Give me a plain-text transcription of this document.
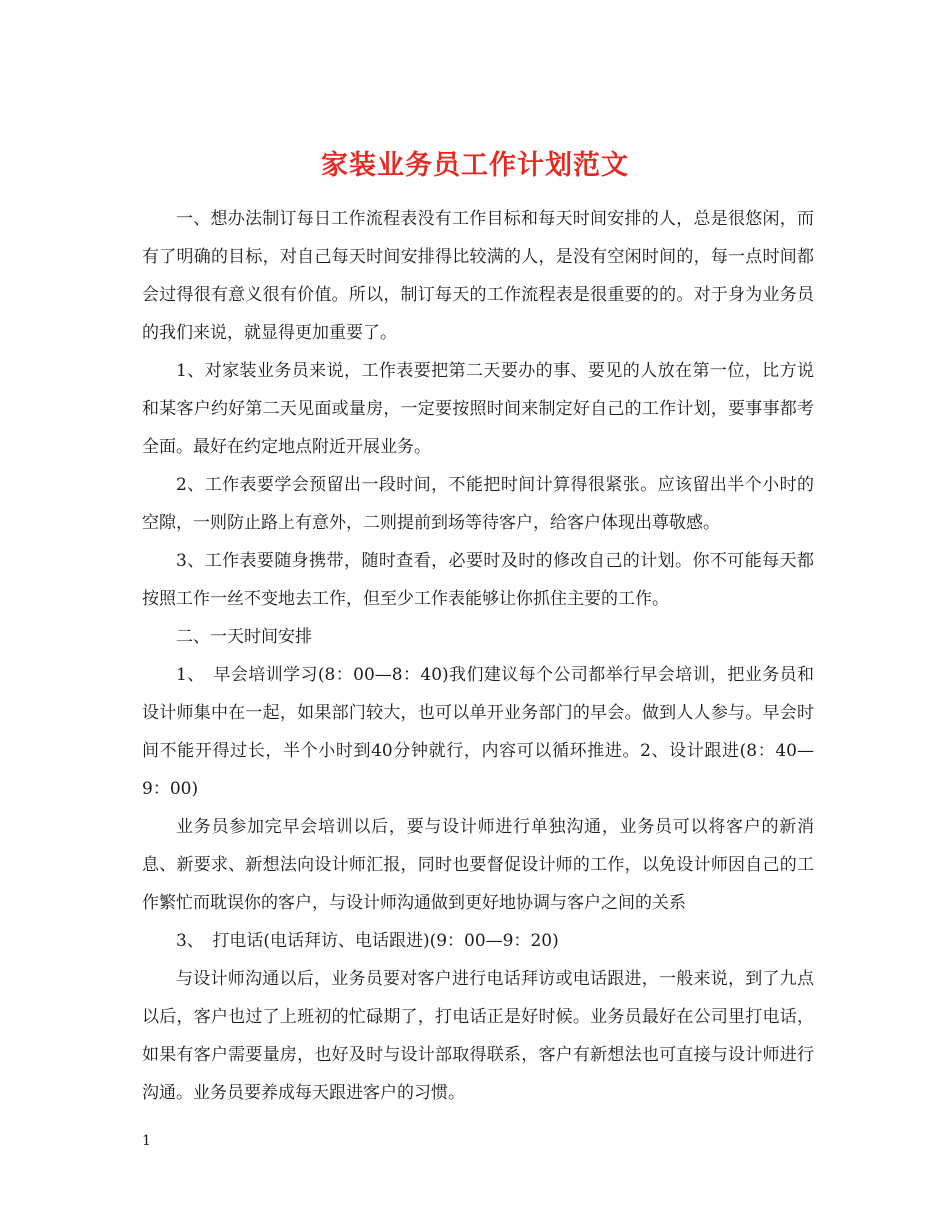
家装业务员工作计划范文

一、想办法制订每日工作流程表没有工作目标和每天时间安排的人，总是很悠闲，而有了明确的目标，对自己每天时间安排得比较满的人，是没有空闲时间的，每一点时间都会过得很有意义很有价值。所以，制订每天的工作流程表是很重要的的。对于身为业务员的我们来说，就显得更加重要了。

1、对家装业务员来说，工作表要把第二天要办的事、要见的人放在第一位，比方说和某客户约好第二天见面或量房，一定要按照时间来制定好自己的工作计划，要事事都考全面。最好在约定地点附近开展业务。

2、工作表要学会预留出一段时间，不能把时间计算得很紧张。应该留出半个小时的空隙，一则防止路上有意外，二则提前到场等待客户，给客户体现出尊敬感。

3、工作表要随身携带，随时查看，必要时及时的修改自己的计划。你不可能每天都按照工作一丝不变地去工作，但至少工作表能够让你抓住主要的工作。

二、一天时间安排

1、　早会培训学习(8：00—8：40)我们建议每个公司都举行早会培训，把业务员和设计师集中在一起，如果部门较大，也可以单开业务部门的早会。做到人人参与。早会时间不能开得过长，半个小时到40分钟就行，内容可以循环推进。2、设计跟进(8：40—9：00)

业务员参加完早会培训以后，要与设计师进行单独沟通，业务员可以将客户的新消息、新要求、新想法向设计师汇报，同时也要督促设计师的工作，以免设计师因自己的工作繁忙而耽误你的客户，与设计师沟通做到更好地协调与客户之间的关系

3、　打电话(电话拜访、电话跟进)(9：00—9：20)

与设计师沟通以后，业务员要对客户进行电话拜访或电话跟进，一般来说，到了九点以后，客户也过了上班初的忙碌期了，打电话正是好时候。业务员最好在公司里打电话，如果有客户需要量房，也好及时与设计部取得联系，客户有新想法也可直接与设计师进行沟通。业务员要养成每天跟进客户的习惯。

1
